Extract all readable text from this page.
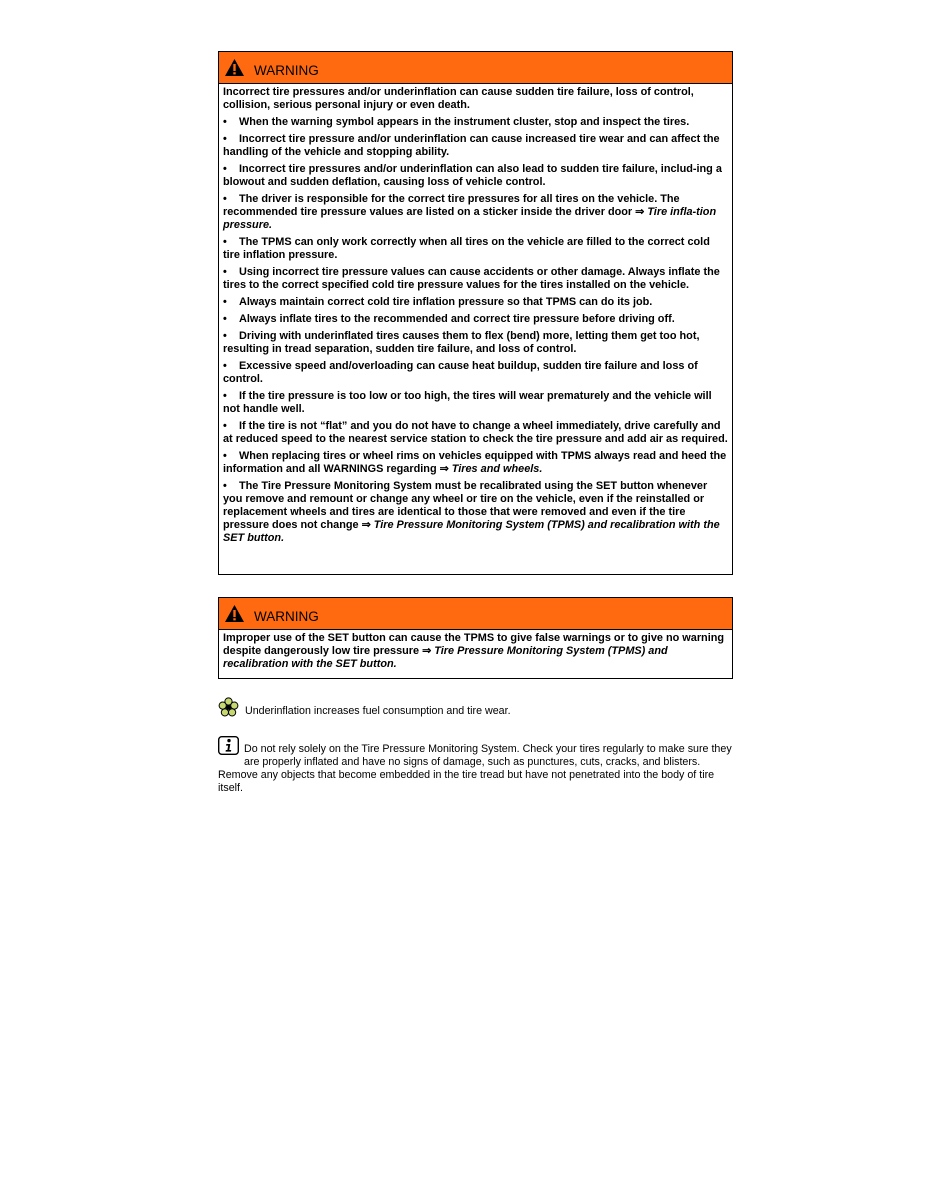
WARNING

Incorrect tire pressures and/or underinflation can cause sudden tire failure, loss of control, collision, serious personal injury or even death.

• When the warning symbol appears in the instrument cluster, stop and inspect the tires.

• Incorrect tire pressure and/or underinflation can cause increased tire wear and can affect the handling of the vehicle and stopping ability.

• Incorrect tire pressures and/or underinflation can also lead to sudden tire failure, includ-ing a blowout and sudden deflation, causing loss of vehicle control.

• The driver is responsible for the correct tire pressures for all tires on the vehicle. The recommended tire pressure values are listed on a sticker inside the driver door ⇒ Tire infla-tion pressure.

• The TPMS can only work correctly when all tires on the vehicle are filled to the correct cold tire inflation pressure.

• Using incorrect tire pressure values can cause accidents or other damage. Always inflate the tires to the correct specified cold tire pressure values for the tires installed on the vehicle.

• Always maintain correct cold tire inflation pressure so that TPMS can do its job.

• Always inflate tires to the recommended and correct tire pressure before driving off.

• Driving with underinflated tires causes them to flex (bend) more, letting them get too hot, resulting in tread separation, sudden tire failure, and loss of control.

• Excessive speed and/overloading can cause heat buildup, sudden tire failure and loss of control.

• If the tire pressure is too low or too high, the tires will wear prematurely and the vehicle will not handle well.

• If the tire is not “flat” and you do not have to change a wheel immediately, drive carefully and at reduced speed to the nearest service station to check the tire pressure and add air as required.

• When replacing tires or wheel rims on vehicles equipped with TPMS always read and heed the information and all WARNINGS regarding ⇒ Tires and wheels.

• The Tire Pressure Monitoring System must be recalibrated using the SET button whenever you remove and remount or change any wheel or tire on the vehicle, even if the reinstalled or replacement wheels and tires are identical to those that were removed and even if the tire pressure does not change ⇒ Tire Pressure Monitoring System (TPMS) and recalibration with the SET button.

WARNING

Improper use of the SET button can cause the TPMS to give false warnings or to give no warning despite dangerously low tire pressure ⇒ Tire Pressure Monitoring System (TPMS) and recalibration with the SET button.

Underinflation increases fuel consumption and tire wear.
Do not rely solely on the Tire Pressure Monitoring System. Check your tires regularly to make sure they are properly inflated and have no signs of damage, such as punctures, cuts, cracks, and blisters. Remove any objects that become embedded in the tire tread but have not penetrated into the body of tire itself.
